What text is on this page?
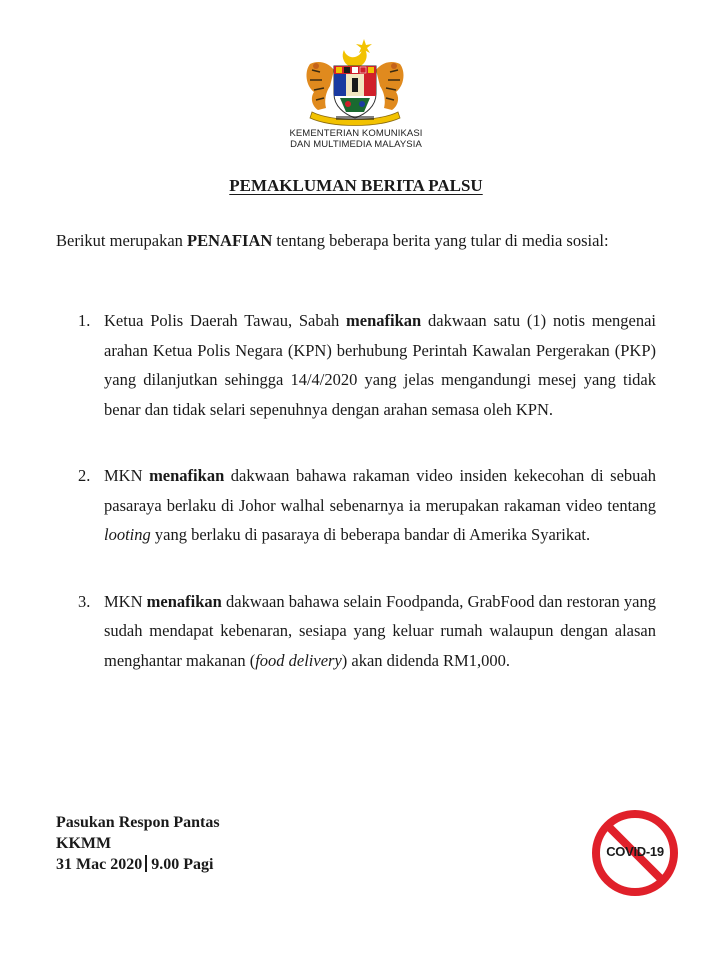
KEMENTERIAN KOMUNIKASI
DAN MULTIMEDIA MALAYSIA
PEMAKLUMAN BERITA PALSU
Berikut merupakan PENAFIAN tentang beberapa berita yang tular di media sosial:
1. Ketua Polis Daerah Tawau, Sabah menafikan dakwaan satu (1) notis mengenai arahan Ketua Polis Negara (KPN) berhubung Perintah Kawalan Pergerakan (PKP) yang dilanjutkan sehingga 14/4/2020 yang jelas mengandungi mesej yang tidak benar dan tidak selari sepenuhnya dengan arahan semasa oleh KPN.
2. MKN menafikan dakwaan bahawa rakaman video insiden kekecohan di sebuah pasaraya berlaku di Johor walhal sebenarnya ia merupakan rakaman video tentang looting yang berlaku di pasaraya di beberapa bandar di Amerika Syarikat.
3. MKN menafikan dakwaan bahawa selain Foodpanda, GrabFood dan restoran yang sudah mendapat kebenaran, sesiapa yang keluar rumah walaupun dengan alasan menghantar makanan (food delivery) akan didenda RM1,000.
Pasukan Respon Pantas
KKMM
31 Mac 2020 9.00 Pagi
COVID-19
